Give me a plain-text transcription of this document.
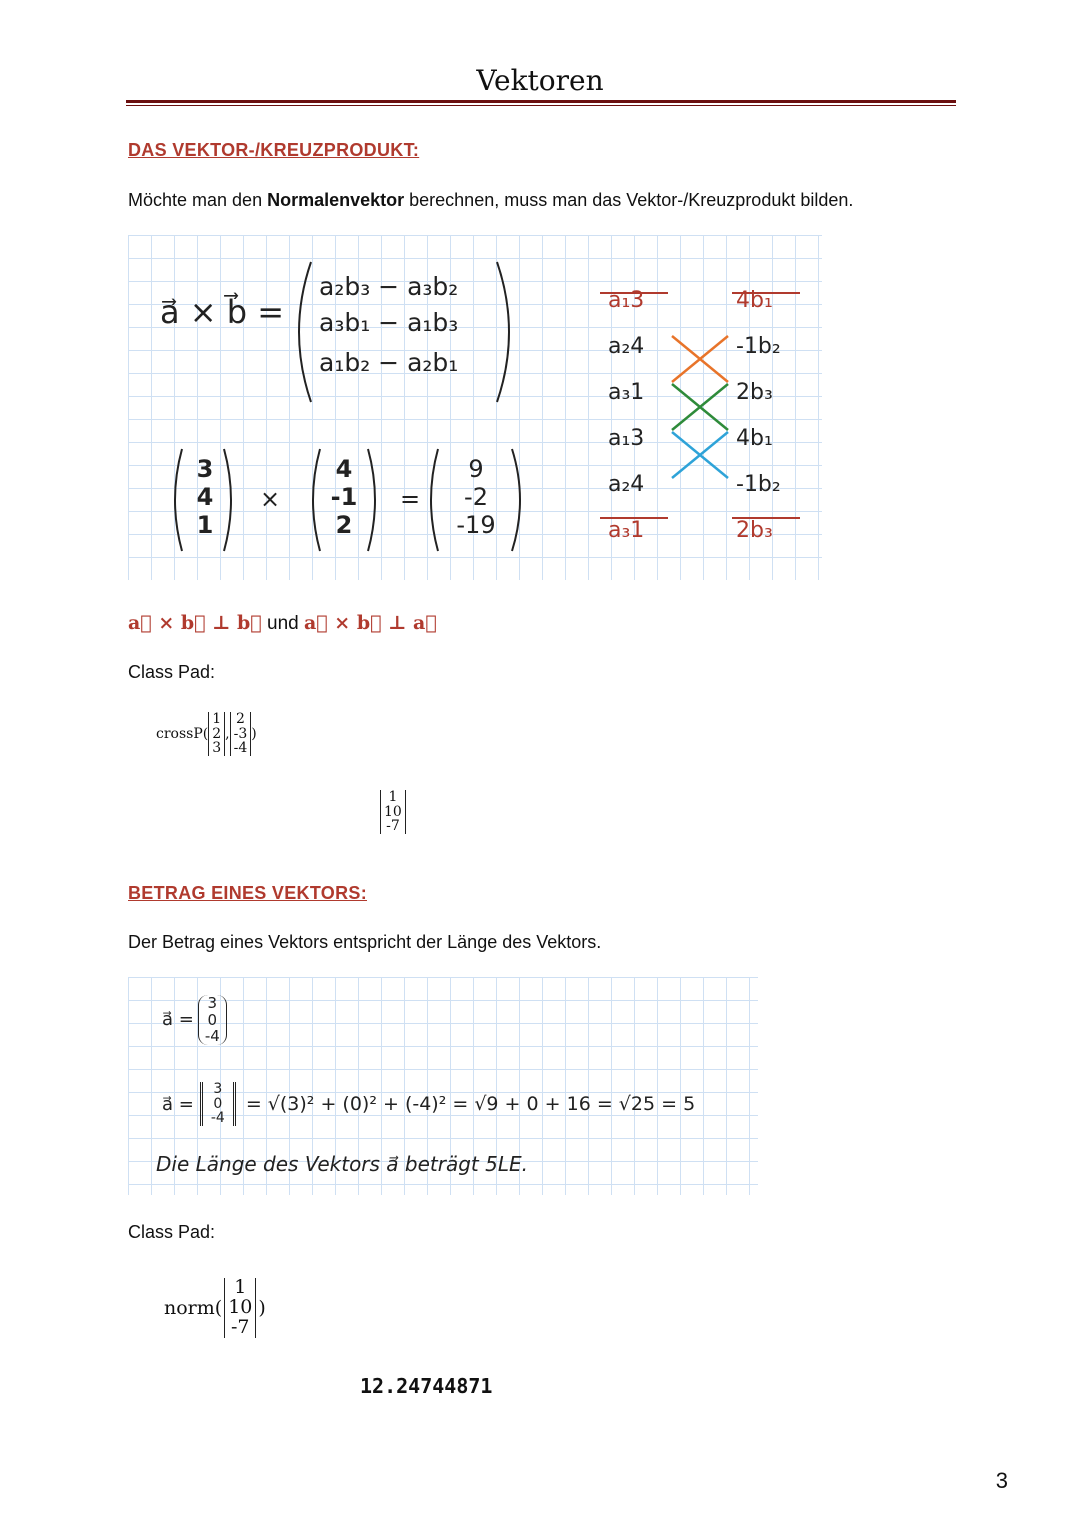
Vektoren
DAS VEKTOR-/KREUZPRODUKT:
Möchte man den Normalenvektor berechnen, muss man das Vektor-/Kreuzprodukt bilden.
a⃗ × b⃗ =
a₂b₃ − a₃b₂
a₃b₁ − a₁b₃
a₁b₂ − a₂b₁
3
4
1
×
4
-1
2
=
9
-2
-19
a₁3
a₂4
a₃1
a₁3
a₂4
a₃1
4b₁
-1b₂
2b₃
4b₁
-1b₂
2b₃
a⃗ × b⃗ ⊥ b⃗ und a⃗ × b⃗ ⊥ a⃗
Class Pad:
crossP(
1
2
3
,
2
-3
-4
)
1
10
-7
BETRAG EINES VEKTORS:
Der Betrag eines Vektors entspricht der Länge des Vektors.
a⃗ =
3
0
-4
a⃗ =
3
0
-4
= √(3)² + (0)² + (-4)² = √9 + 0 + 16 = √25 = 5
Die Länge des Vektors a⃗ beträgt 5LE.
Class Pad:
norm(
1
10
-7
)
12.24744871
3
